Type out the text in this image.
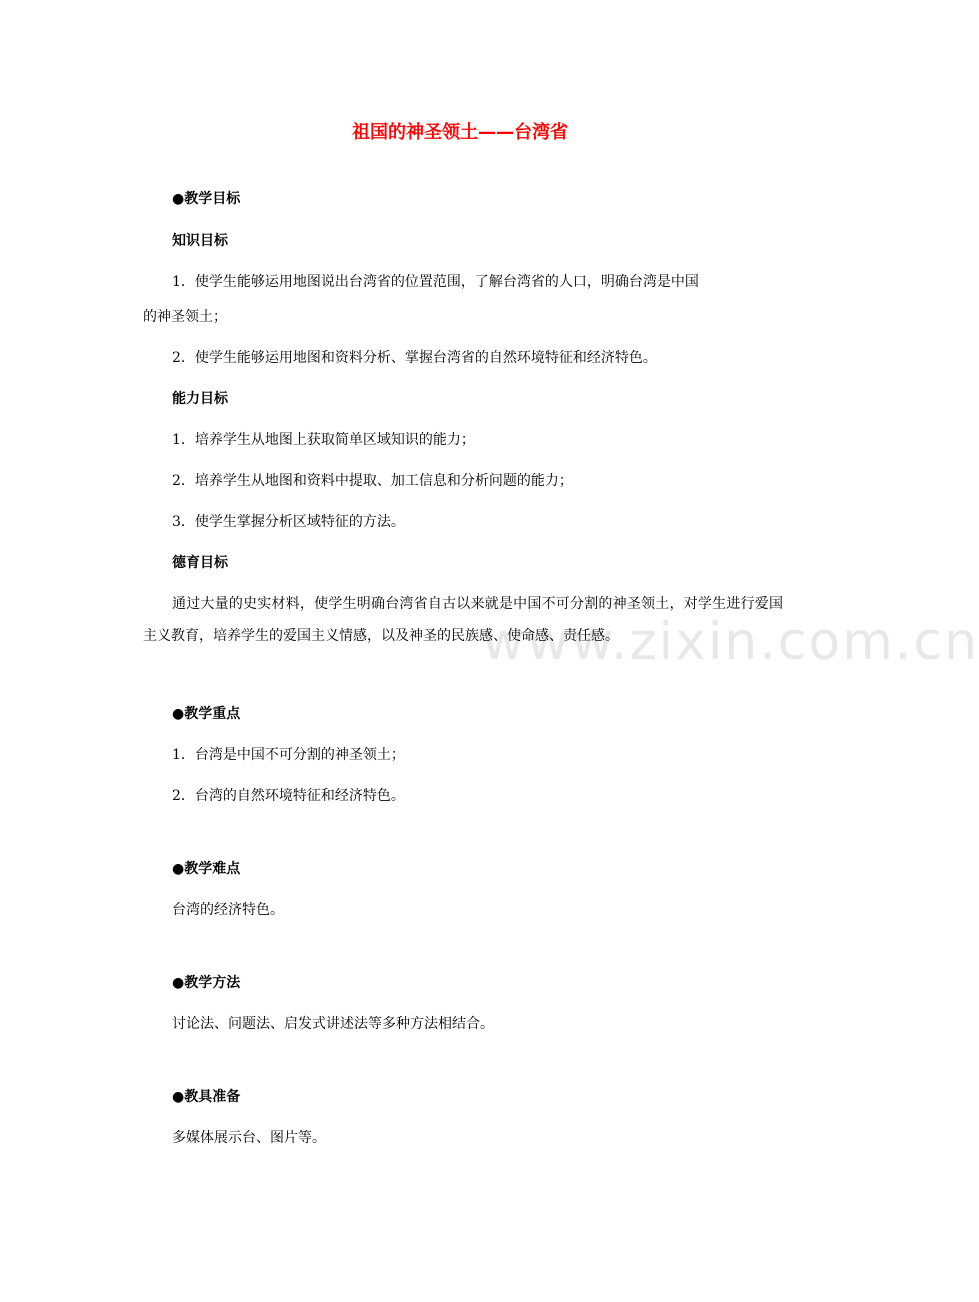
www.zixin.com.cn
祖国的神圣领土——台湾省
●教学目标
知识目标
1．使学生能够运用地图说出台湾省的位置范围，了解台湾省的人口，明确台湾是中国
的神圣领土；
2．使学生能够运用地图和资料分析、掌握台湾省的自然环境特征和经济特色。
能力目标
1．培养学生从地图上获取简单区域知识的能力；
2．培养学生从地图和资料中提取、加工信息和分析问题的能力；
3．使学生掌握分析区域特征的方法。
德育目标
通过大量的史实材料，使学生明确台湾省自古以来就是中国不可分割的神圣领土，对学生进行爱国主义教育，培养学生的爱国主义情感，以及神圣的民族感、使命感、责任感。
●教学重点
1．台湾是中国不可分割的神圣领土；
2．台湾的自然环境特征和经济特色。
●教学难点
台湾的经济特色。
●教学方法
讨论法、问题法、启发式讲述法等多种方法相结合。
●教具准备
多媒体展示台、图片等。
